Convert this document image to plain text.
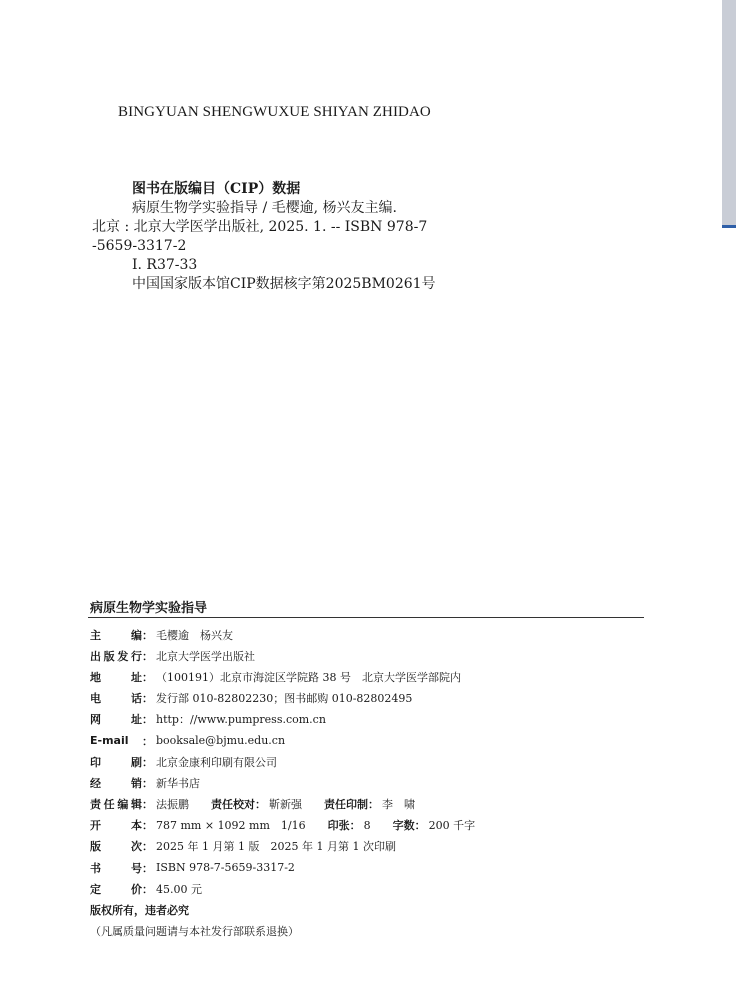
BINGYUAN SHENGWUXUE SHIYAN ZHIDAO
图书在版编目（CIP）数据
病原生物学实验指导 / 毛樱逾, 杨兴友主编.
北京 : 北京大学医学出版社, 2025. 1. -- ISBN 978-7
-5659-3317-2
Ⅰ. R37-33
中国国家版本馆CIP数据核字第2025BM0261号
病原生物学实验指导
主　编 ： 毛樱逾　杨兴友
出版发行 ： 北京大学医学出版社
地　址 ： （100191）北京市海淀区学院路 38 号　北京大学医学部院内
电　话 ： 发行部 010-82802230；图书邮购 010-82802495
网　址 ： http：//www.pumpress.com.cn
E-mail	： booksale@bjmu.edu.cn
印　刷 ： 北京金康利印刷有限公司
经　销 ： 新华书店
责任编辑 ： 法振鹏 责任校对 ： 靳新强 责任印制 ： 李　啸
开　本 ： 787 mm × 1092 mm　1/16 印张 ： 8 字数 ： 200 千字
版　次 ： 2025 年 1 月第 1 版　2025 年 1 月第 1 次印刷
书　号 ： ISBN 978-7-5659-3317-2
定　价 ： 45.00 元
版权所有，违者必究
（凡属质量问题请与本社发行部联系退换）
